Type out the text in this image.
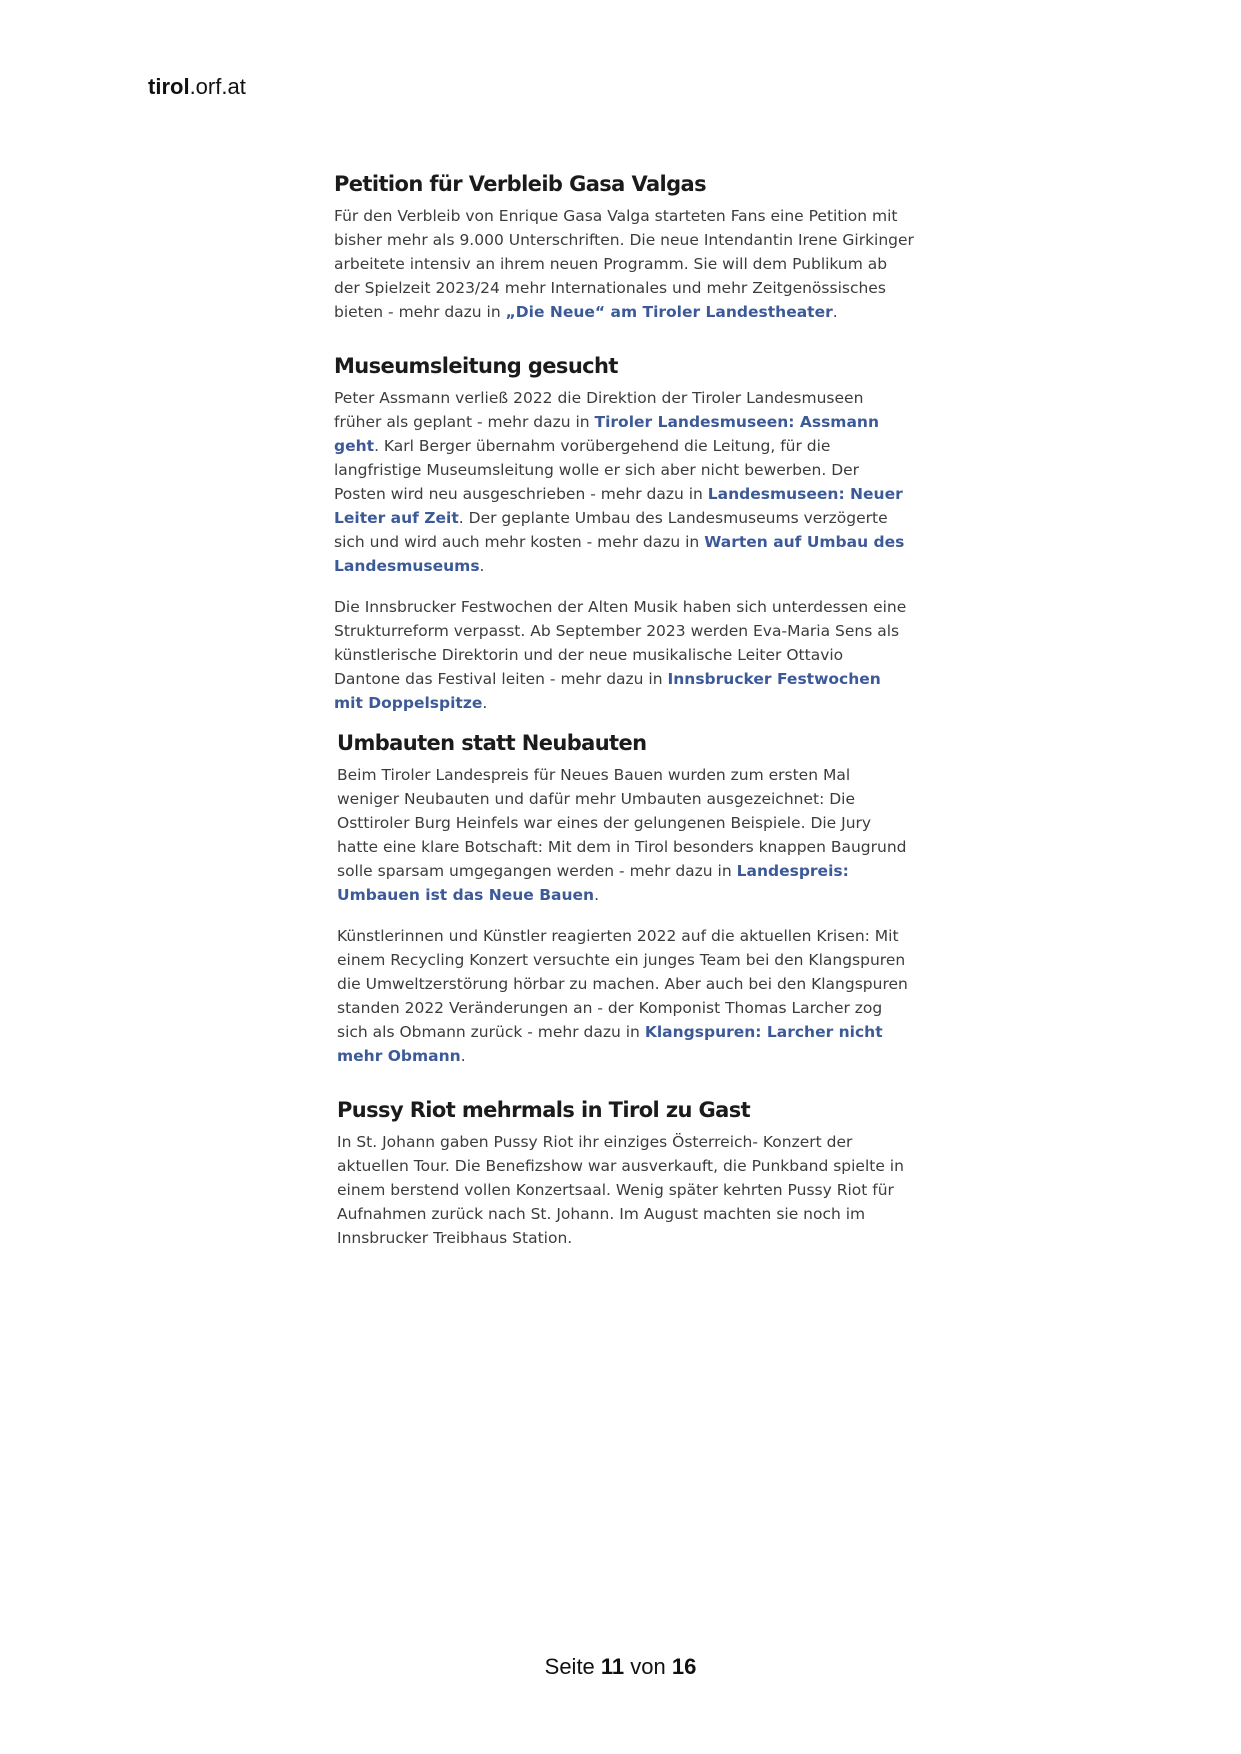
tirol.orf.at
Petition für Verbleib Gasa Valgas

Für den Verbleib von Enrique Gasa Valga starteten Fans eine Petition mit bisher mehr als 9.000 Unterschriften. Die neue Intendantin Irene Girkinger arbeitete intensiv an ihrem neuen Programm. Sie will dem Publikum ab der Spielzeit 2023/24 mehr Internationales und mehr Zeitgenössisches bieten - mehr dazu in „Die Neue“ am Tiroler Landestheater.

Museumsleitung gesucht

Peter Assmann verließ 2022 die Direktion der Tiroler Landesmuseen früher als geplant - mehr dazu in Tiroler Landesmuseen: Assmann geht. Karl Berger übernahm vorübergehend die Leitung, für die langfristige Museumsleitung wolle er sich aber nicht bewerben. Der Posten wird neu ausgeschrieben - mehr dazu in Landesmuseen: Neuer Leiter auf Zeit. Der geplante Umbau des Landesmuseums verzögerte sich und wird auch mehr kosten - mehr dazu in Warten auf Umbau des Landesmuseums.

Die Innsbrucker Festwochen der Alten Musik haben sich unterdessen eine Strukturreform verpasst. Ab September 2023 werden Eva-Maria Sens als künstlerische Direktorin und der neue musikalische Leiter Ottavio Dantone das Festival leiten - mehr dazu in Innsbrucker Festwochen mit Doppelspitze.

Umbauten statt Neubauten

Beim Tiroler Landespreis für Neues Bauen wurden zum ersten Mal weniger Neubauten und dafür mehr Umbauten ausgezeichnet: Die Osttiroler Burg Heinfels war eines der gelungenen Beispiele. Die Jury hatte eine klare Botschaft: Mit dem in Tirol besonders knappen Baugrund solle sparsam umgegangen werden - mehr dazu in Landespreis: Umbauen ist das Neue Bauen.

Künstlerinnen und Künstler reagierten 2022 auf die aktuellen Krisen: Mit einem Recycling Konzert versuchte ein junges Team bei den Klangspuren die Umweltzerstörung hörbar zu machen. Aber auch bei den Klangspuren standen 2022 Veränderungen an - der Komponist Thomas Larcher zog sich als Obmann zurück - mehr dazu in Klangspuren: Larcher nicht mehr Obmann.

Pussy Riot mehrmals in Tirol zu Gast

In St. Johann gaben Pussy Riot ihr einziges Österreich- Konzert der aktuellen Tour. Die Benefizshow war ausverkauft, die Punkband spielte in einem berstend vollen Konzertsaal. Wenig später kehrten Pussy Riot für Aufnahmen zurück nach St. Johann. Im August machten sie noch im Innsbrucker Treibhaus Station.

Seite 11 von 16
